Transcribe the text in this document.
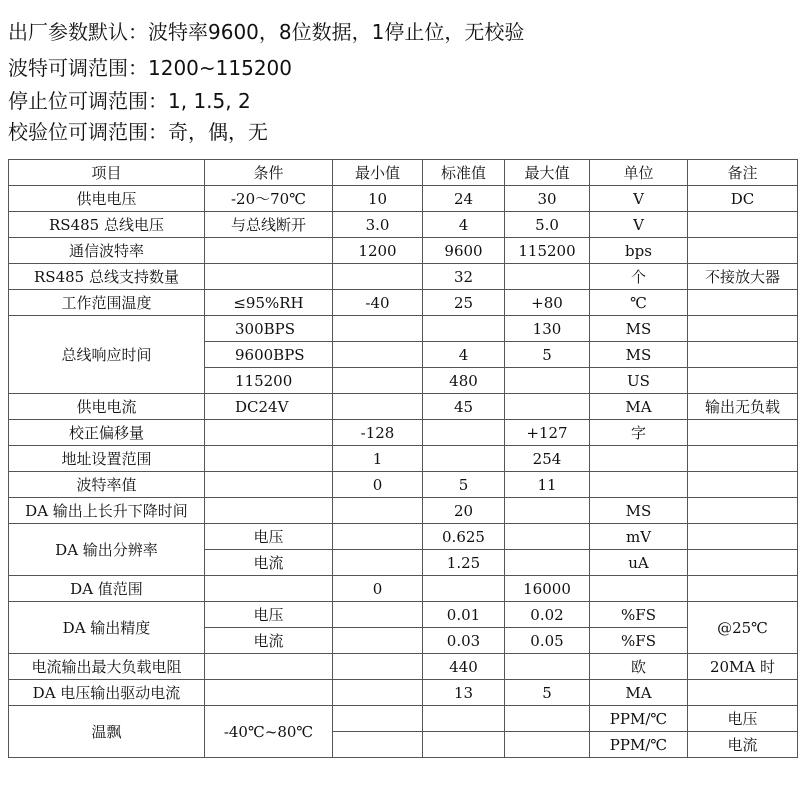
出厂参数默认：波特率9600，8位数据，1停止位，无校验
波特可调范围：1200~115200
停止位可调范围：1, 1.5, 2
校验位可调范围：奇，偶，无
项目	条件	最小值	标准值	最大值	单位	备注
供电电压	-20～70℃	10	24	30	V	DC
RS485 总线电压	与总线断开	3.0	4	5.0	V	
通信波特率		1200	9600	115200	bps	
RS485 总线支持数量			32		个	不接放大器
工作范围温度	≤95%RH	-40	25	+80	℃	
总线响应时间	300BPS			130	MS	
	9600BPS		4	5	MS	
	115200		480		US	
供电电流	DC24V		45		MA	输出无负载
校正偏移量		-128		+127	字	
地址设置范围		1		254		
波特率值		0	5	11		
DA 输出上长升下降时间			20		MS	
DA 输出分辨率	电压		0.625		mV	
	电流		1.25		uA	
DA 值范围		0		16000		
DA 输出精度	电压		0.01	0.02	%FS	@25℃
	电流		0.03	0.05	%FS	
电流输出最大负载电阻			440		欧	20MA 时
DA 电压输出驱动电流			13	5	MA	
温飘	-40℃~80℃				PPM/℃	电压
					PPM/℃	电流
